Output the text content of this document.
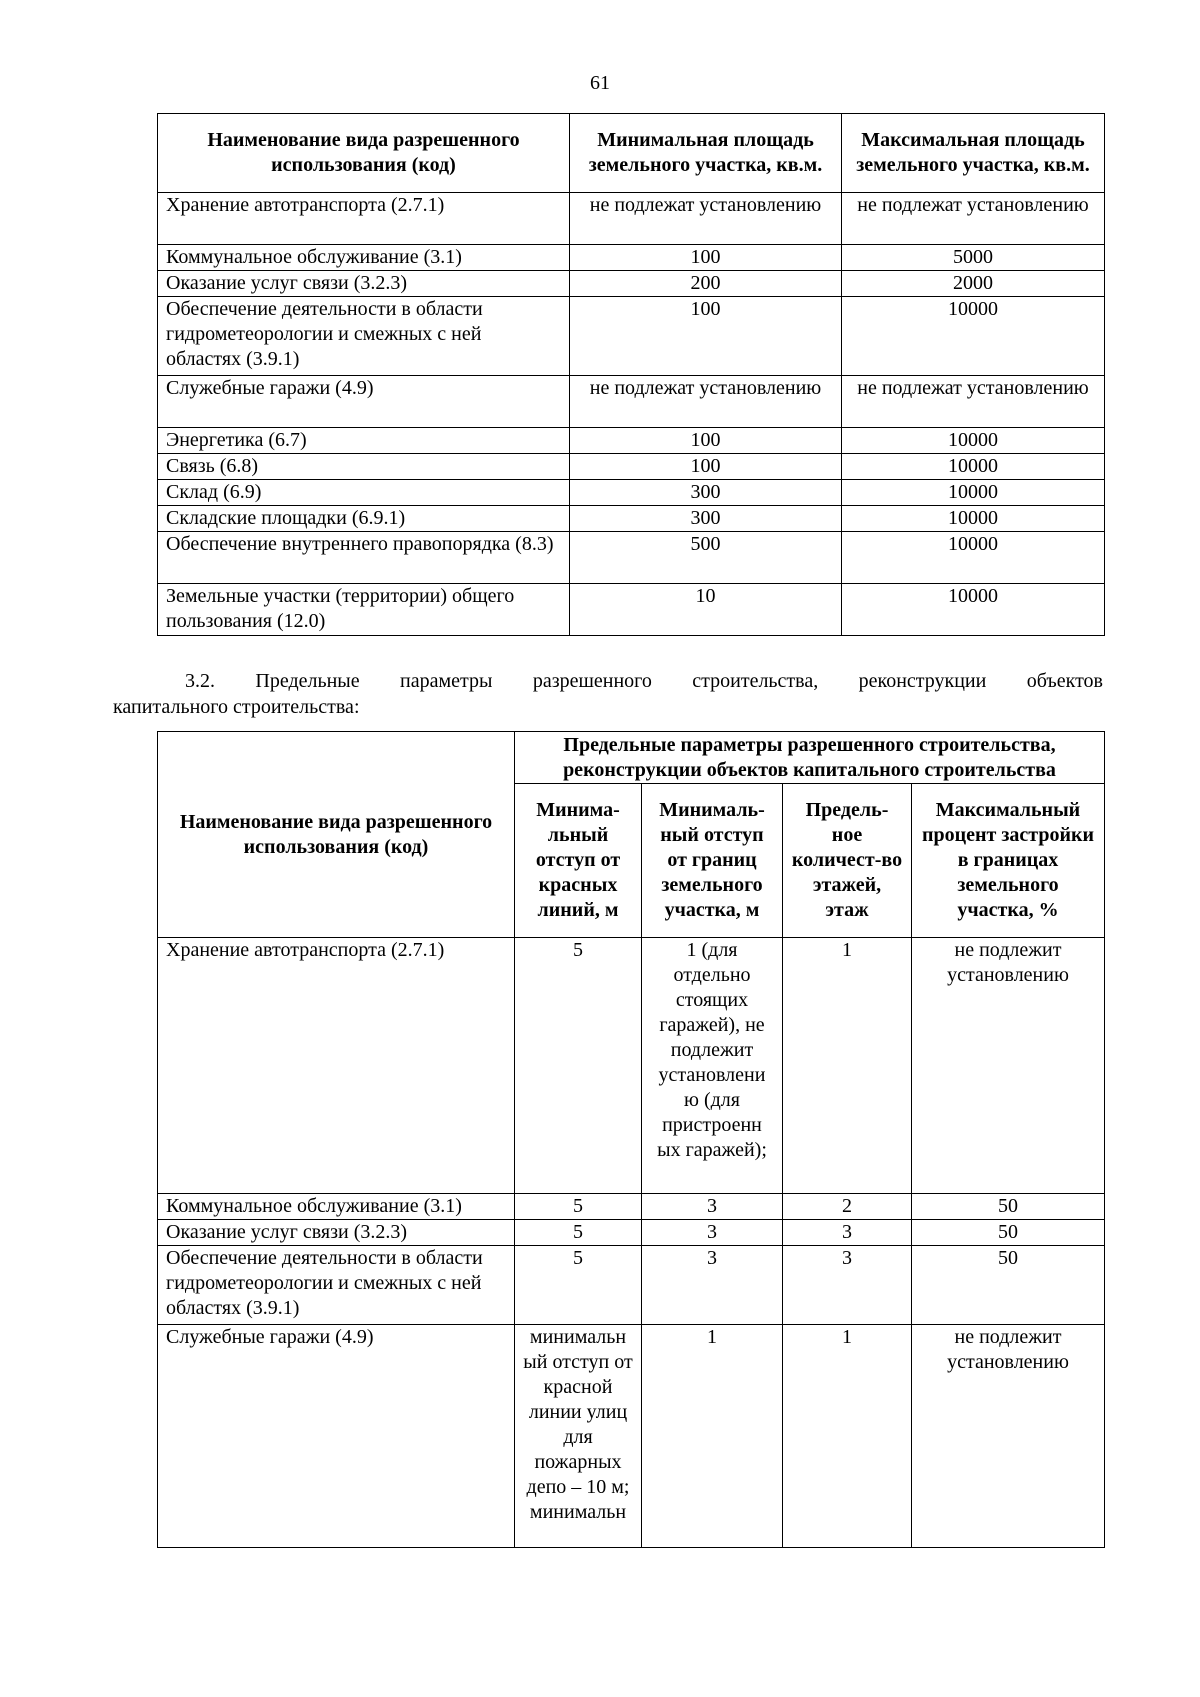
61
Наименование вида разрешенного использования (код)	Минимальная площадь земельного участка, кв.м.	Максимальная площадь земельного участка, кв.м.
Хранение автотранспорта (2.7.1)	не подлежат установлению	не подлежат установлению
Коммунальное обслуживание (3.1)	100	5000
Оказание услуг связи (3.2.3)	200	2000
Обеспечение деятельности в области гидрометеорологии и смежных с ней областях (3.9.1)	100	10000
Служебные гаражи (4.9)	не подлежат установлению	не подлежат установлению
Энергетика (6.7)	100	10000
Связь (6.8)	100	10000
Склад (6.9)	300	10000
Складские площадки (6.9.1)	300	10000
Обеспечение внутреннего правопорядка (8.3)	500	10000
Земельные участки (территории) общего пользования (12.0)	10	10000
3.2. Предельные параметры разрешенного строительства, реконструкции объектов
капитального строительства:
Наименование вида разрешенного использования (код)	Предельные параметры разрешенного строительства, реконструкции объектов капитального строительства			
	Минима-льный отступ от красных линий, м	Минималь-ный отступ от границ земельного участка, м	Предель-ное количест-во этажей, этаж	Максимальный процент застройки в границах земельного участка, %
Хранение автотранспорта (2.7.1)	5	1 (для отдельно стоящих гаражей), не подлежит установлени ю (для пристроенн ых гаражей);	1	не подлежит установлению
Коммунальное обслуживание (3.1)	5	3	2	50
Оказание услуг связи (3.2.3)	5	3	3	50
Обеспечение деятельности в области гидрометеорологии и смежных с ней областях (3.9.1)	5	3	3	50
Служебные гаражи (4.9)	минимальн ый отступ от красной линии улиц для пожарных депо – 10 м; минимальн	1	1	не подлежит установлению
